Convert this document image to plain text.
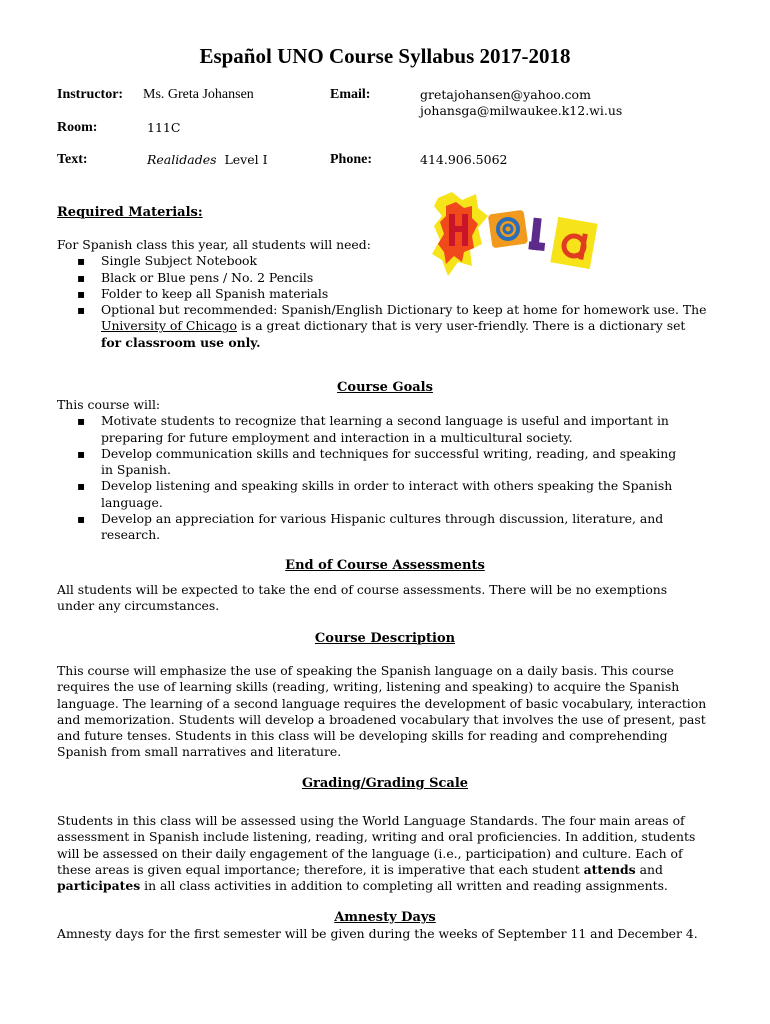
Español UNO Course Syllabus 2017-2018
Instructor: Ms. Greta Johansen	Email:	gretajohansen@yahoo.com
johansga@milwaukee.k12.wi.us
Room:	111C
Text:	Realidades Level I	Phone:	414.906.5062
Required Materials:
For Spanish class this year, all students will need:
▪ Single Subject Notebook
▪ Black or Blue pens / No. 2 Pencils
▪ Folder to keep all Spanish materials
▪ Optional but recommended: Spanish/English Dictionary to keep at home for homework use. The University of Chicago is a great dictionary that is very user-friendly. There is a dictionary set for classroom use only.
Course Goals
This course will:
▪ Motivate students to recognize that learning a second language is useful and important in preparing for future employment and interaction in a multicultural society.
▪ Develop communication skills and techniques for successful writing, reading, and speaking in Spanish.
▪ Develop listening and speaking skills in order to interact with others speaking the Spanish language.
▪ Develop an appreciation for various Hispanic cultures through discussion, literature, and research.
End of Course Assessments
All students will be expected to take the end of course assessments. There will be no exemptions under any circumstances.
Course Description
This course will emphasize the use of speaking the Spanish language on a daily basis. This course requires the use of learning skills (reading, writing, listening and speaking) to acquire the Spanish language. The learning of a second language requires the development of basic vocabulary, interaction and memorization. Students will develop a broadened vocabulary that involves the use of present, past and future tenses. Students in this class will be developing skills for reading and comprehending Spanish from small narratives and literature.
Grading/Grading Scale
Students in this class will be assessed using the World Language Standards. The four main areas of assessment in Spanish include listening, reading, writing and oral proficiencies. In addition, students will be assessed on their daily engagement of the language (i.e., participation) and culture. Each of these areas is given equal importance; therefore, it is imperative that each student attends and participates in all class activities in addition to completing all written and reading assignments.
Amnesty Days
Amnesty days for the first semester will be given during the weeks of September 11 and December 4.
